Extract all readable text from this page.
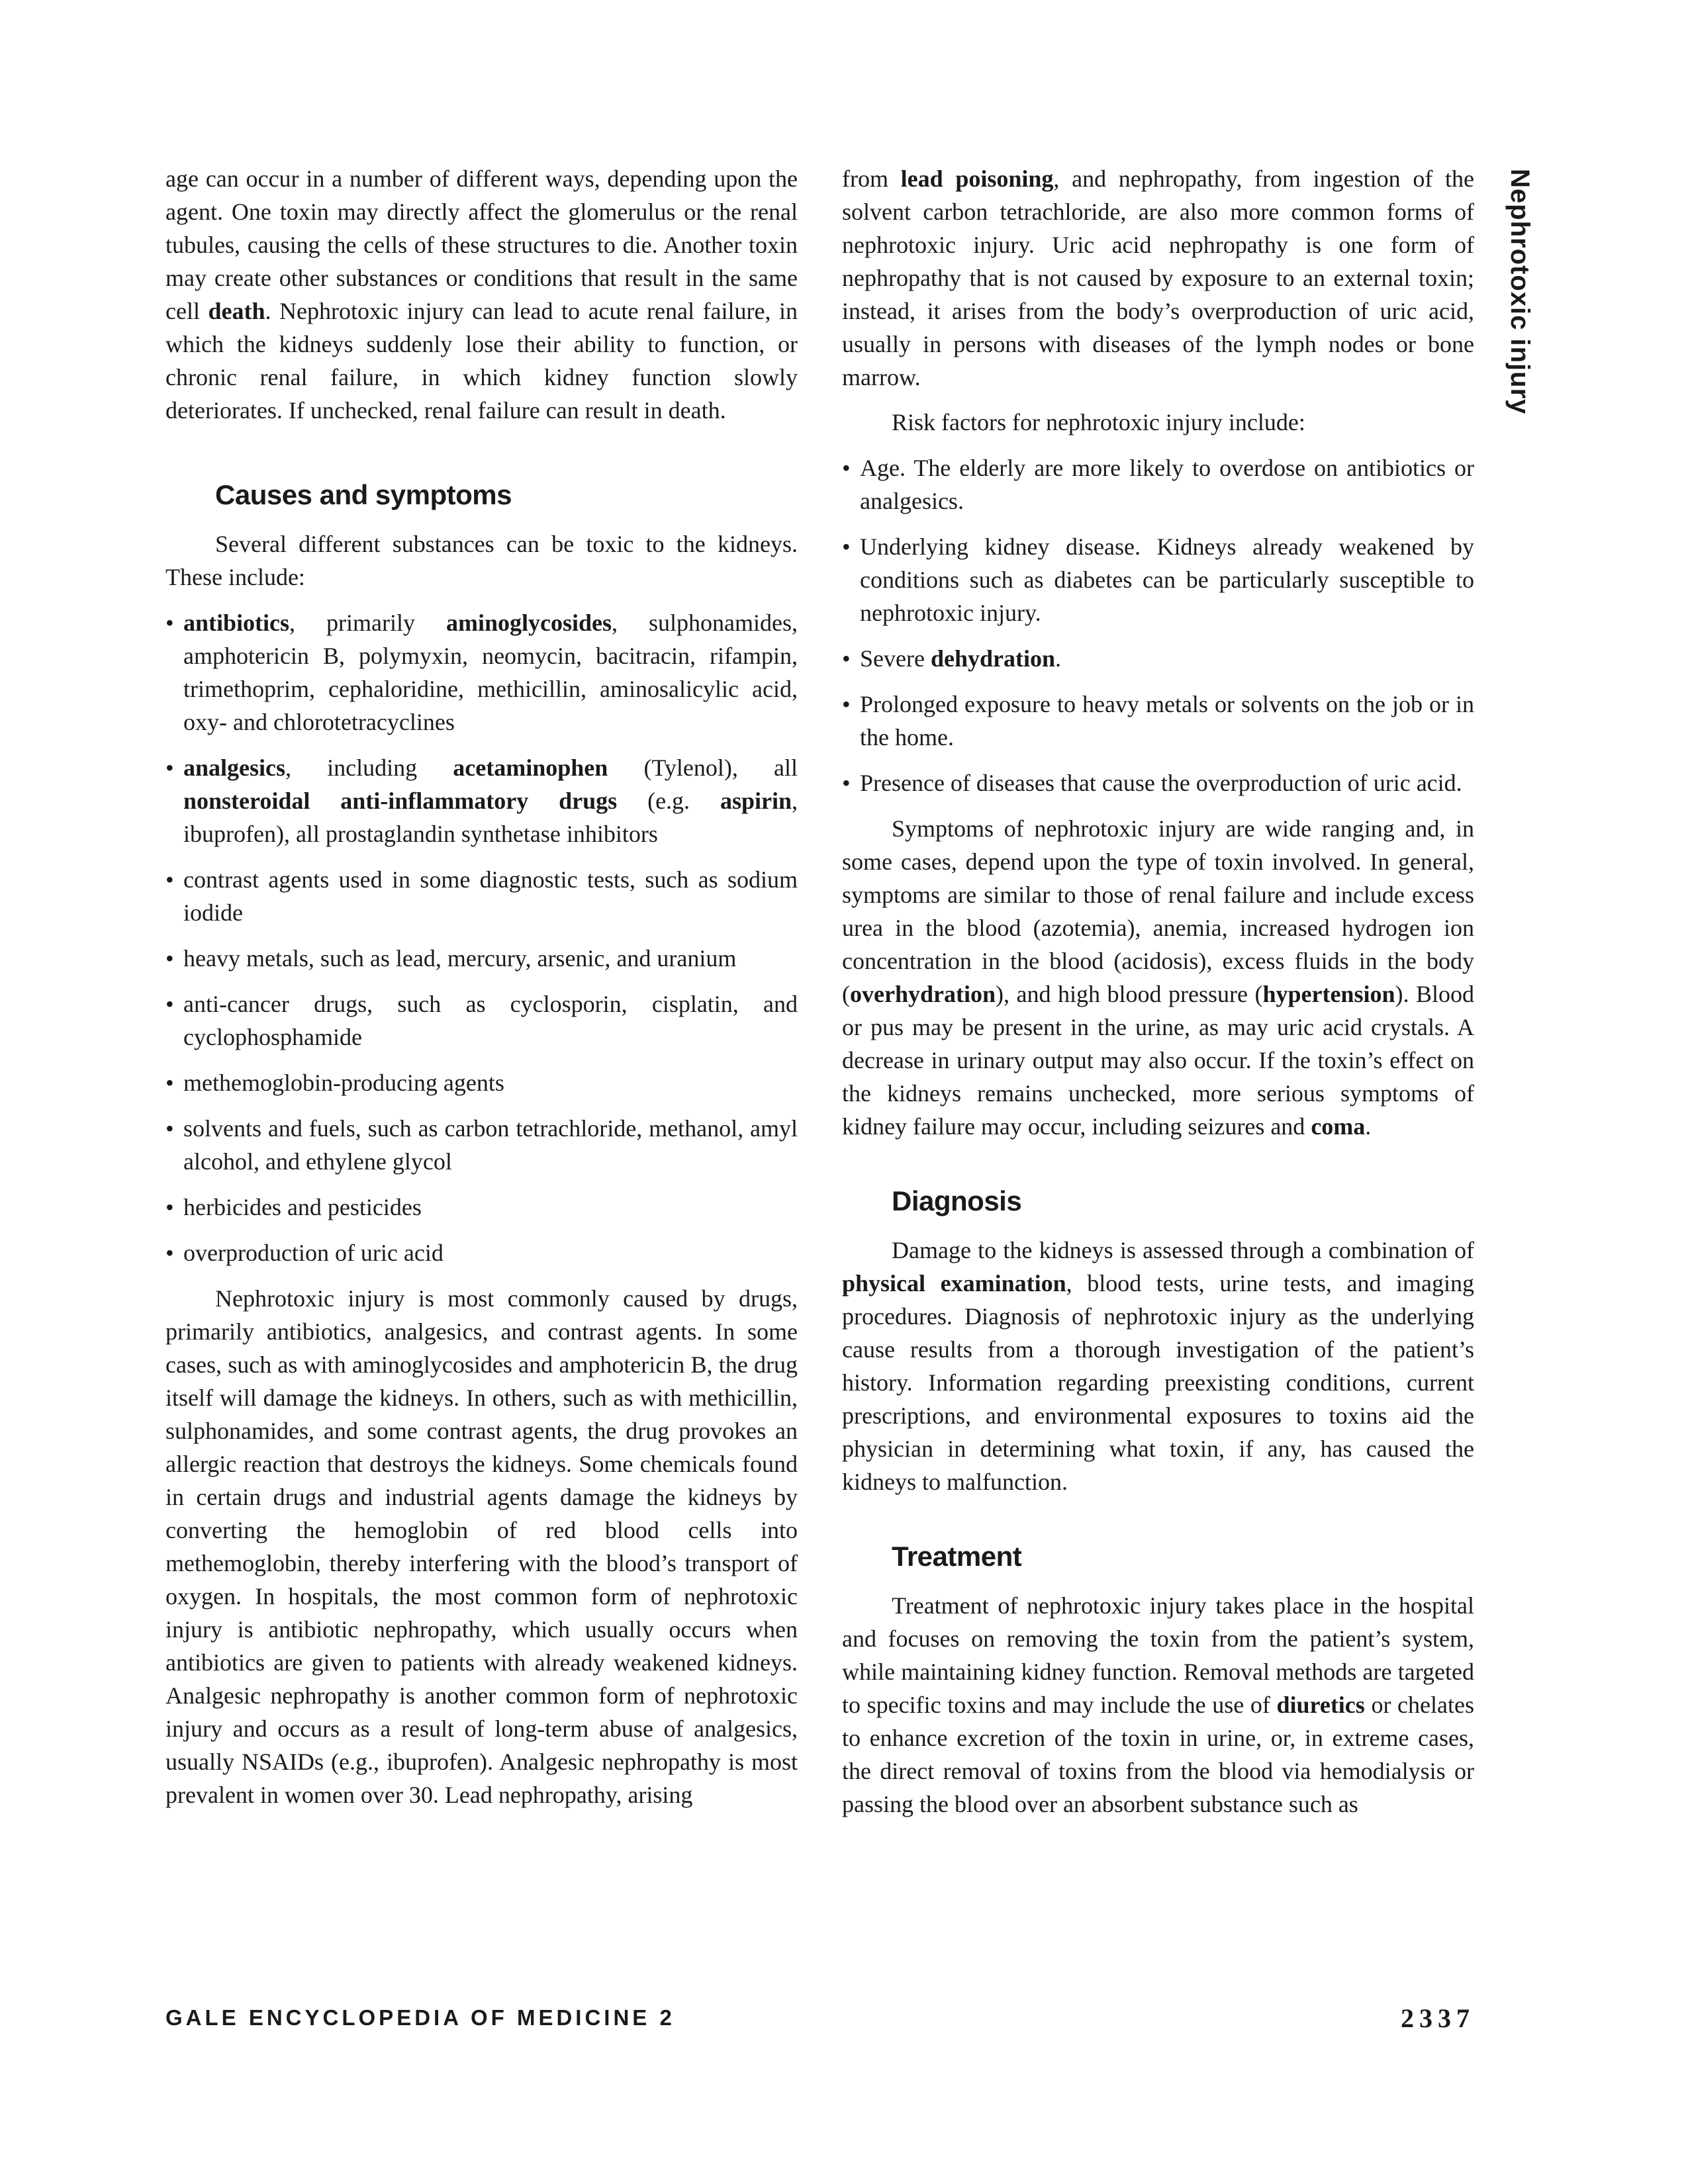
age can occur in a number of different ways, depending upon the agent. One toxin may directly affect the glomerulus or the renal tubules, causing the cells of these structures to die. Another toxin may create other substances or conditions that result in the same cell death. Nephrotoxic injury can lead to acute renal failure, in which the kidneys suddenly lose their ability to function, or chronic renal failure, in which kidney function slowly deteriorates. If unchecked, renal failure can result in death.

Causes and symptoms

Several different substances can be toxic to the kidneys. These include:

• antibiotics, primarily aminoglycosides, sulphonamides, amphotericin B, polymyxin, neomycin, bacitracin, rifampin, trimethoprim, cephaloridine, methicillin, aminosalicylic acid, oxy- and chlorotetracyclines
• analgesics, including acetaminophen (Tylenol), all nonsteroidal anti-inflammatory drugs (e.g. aspirin, ibuprofen), all prostaglandin synthetase inhibitors
• contrast agents used in some diagnostic tests, such as sodium iodide
• heavy metals, such as lead, mercury, arsenic, and uranium
• anti-cancer drugs, such as cyclosporin, cisplatin, and cyclophosphamide
• methemoglobin-producing agents
• solvents and fuels, such as carbon tetrachloride, methanol, amyl alcohol, and ethylene glycol
• herbicides and pesticides
• overproduction of uric acid

Nephrotoxic injury is most commonly caused by drugs, primarily antibiotics, analgesics, and contrast agents. In some cases, such as with aminoglycosides and amphotericin B, the drug itself will damage the kidneys. In others, such as with methicillin, sulphonamides, and some contrast agents, the drug provokes an allergic reaction that destroys the kidneys. Some chemicals found in certain drugs and industrial agents damage the kidneys by converting the hemoglobin of red blood cells into methemoglobin, thereby interfering with the blood’s transport of oxygen. In hospitals, the most common form of nephrotoxic injury is antibiotic nephropathy, which usually occurs when antibiotics are given to patients with already weakened kidneys. Analgesic nephropathy is another common form of nephrotoxic injury and occurs as a result of long-term abuse of analgesics, usually NSAIDs (e.g., ibuprofen). Analgesic nephropathy is most prevalent in women over 30. Lead nephropathy, arising

from lead poisoning, and nephropathy, from ingestion of the solvent carbon tetrachloride, are also more common forms of nephrotoxic injury. Uric acid nephropathy is one form of nephropathy that is not caused by exposure to an external toxin; instead, it arises from the body’s overproduction of uric acid, usually in persons with diseases of the lymph nodes or bone marrow.

Risk factors for nephrotoxic injury include:

• Age. The elderly are more likely to overdose on antibiotics or analgesics.
• Underlying kidney disease. Kidneys already weakened by conditions such as diabetes can be particularly susceptible to nephrotoxic injury.
• Severe dehydration.
• Prolonged exposure to heavy metals or solvents on the job or in the home.
• Presence of diseases that cause the overproduction of uric acid.

Symptoms of nephrotoxic injury are wide ranging and, in some cases, depend upon the type of toxin involved. In general, symptoms are similar to those of renal failure and include excess urea in the blood (azotemia), anemia, increased hydrogen ion concentration in the blood (acidosis), excess fluids in the body (overhydration), and high blood pressure (hypertension). Blood or pus may be present in the urine, as may uric acid crystals. A decrease in urinary output may also occur. If the toxin’s effect on the kidneys remains unchecked, more serious symptoms of kidney failure may occur, including seizures and coma.

Diagnosis

Damage to the kidneys is assessed through a combination of physical examination, blood tests, urine tests, and imaging procedures. Diagnosis of nephrotoxic injury as the underlying cause results from a thorough investigation of the patient’s history. Information regarding preexisting conditions, current prescriptions, and environmental exposures to toxins aid the physician in determining what toxin, if any, has caused the kidneys to malfunction.

Treatment

Treatment of nephrotoxic injury takes place in the hospital and focuses on removing the toxin from the patient’s system, while maintaining kidney function. Removal methods are targeted to specific toxins and may include the use of diuretics or chelates to enhance excretion of the toxin in urine, or, in extreme cases, the direct removal of toxins from the blood via hemodialysis or passing the blood over an absorbent substance such as

Nephrotoxic injury
GALE ENCYCLOPEDIA OF MEDICINE 2	2337
